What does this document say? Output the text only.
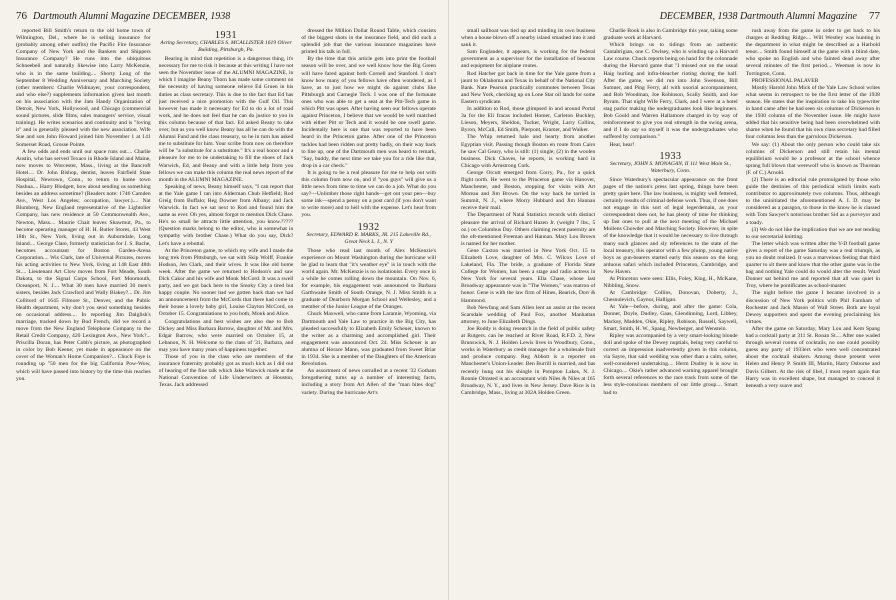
76 Dartmouth Alumni Magazine DECEMBER, 1938

reported Bill Smith's return to the old home town of Wilmington, Del., where he is selling insurance for (probably among other outfits) the Pacific Fire Insurance Company of New York and the Bankers and Shippers Insurance Company? He runs into the ubiquitous Schneebeli and naturally likewise into Larry McKenzie, who is in the same building.... Shorty Long of the September 8 Wedding Anniversary and Marching Society (other members: Charlie Widmayer, your correspondent, and who else?) supplements information given last month on his association with the Jam Handy Organization of Detroit, New York, Hollywood, and Chicago (commercial sound pictures, slide films, sales managers' service, visual training). He writes scenarios and continuity and is "loving it" and is generally pleased with the new association. Wife Sue and son John Howard joined him November 1 at 141 Somerset Road, Grosse Pointe.

A few odds and ends until our space runs out.... Charlie Austin, who has served Texaco in Rhode Island and Maine, now moves to Worcester, Mass., living at the Bancroft Hotel.... Dr. John Bishop, dentist, leaves Fairfield State Hospital, Newtown, Conn., to return to home town Nashua.... Harry Blodgett, how about sending us something besides an address sometime? (Readers note: 1746 Camden Ave., West Los Angeles; occupation, lawyer.).... Nat Blumberg, New England representative of the Lightolier Company, has new residence at 50 Commonwealth Ave., Newton, Mass.... Maurie Chait leaves Shawmut, Pa., to become operating manager of H. H. Butler Stores, 43 West 18th St., New York, living out in Auburndale, Long Island.... George Clare, formerly statistician for J. S. Bache, becomes accountant for Boston Garden-Arena Corporation.... Wis Clark, late of Universal Pictures, moves his acting activities to New York, living at 148 East 48th St.... Lieutenant Art Clow moves from Fort Meade, South Dakota, to the Signal Corps School, Fort Monmouth, Oceanport, N. J.... What 30 men have married 30 men's sisters, besides Jack Crawford and Wally Blakey?... Dr. Jim Collitord of 1645 Filmore St., Denver, and the Public Health department, why don't you send something besides on occasional address.... In reporting Jim Dalglish's marriage, tracked down by Bud French, did we record a move from the New England Telephone Company to the Retail Credit Company, 420 Lexington Ave., New York?... Priscilla Doran, has Peter Cobb's picture, as photographed in color by Bob Keene; yet made in appearance on the cover of the Woman's Home Companion?... Chuck Faye is rounding up "50 men for the big California Pow-Wow, which will have passed into history by the time this reaches you.

1931
Acting Secretary, CHARLES S. MCALLISTER 1619 Oliver Building, Pittsburgh, Pa.

Bearing in mind that repetition is a dangerous thing, it's necessary for me to risk it because at this writing I have not seen the November issue of the ALUMNI MAGAZINE, in which I imagine Beany Thorn has made some comment on the necessity of having someone relieve Ed Gruen in his duties as class secretary. This is due to the fact that Ed has just received a nice promotion with the Gulf Oil. This however has made it necessary for Ed to do a lot of road work, and he does not feel that he can do justice to you in this column because of that fact. Ed asked Beany to take over, but as you well know Beany has all he can do with the Alumni Fund and the class treasury, so he in turn has asked me to substitute for him. Your scribe from now on therefore will be "a substitute for a substitute." It's a real honor and a pleasure for me to be undertaking to fill the shoes of Jack Warwick, Ed, and Beany and with a little help from you fellows we can make this column the real news report of the month in the ALUMNI MAGAZINE.

Speaking of news, Beany himself says, "I can report that at the Yale game I ran into Alderman Chub Hetfield; Rod Greig from Buffalo; Reg Downer from Albany; and Jack Warwick. In fact we sat next to Rod and found him the same as ever. Oh yes, almost forgot to mention Dick Chase. He's so small he attracts little attention, you know.????? (Question marks belong to the editor, who is somewhat in sympathy with brother Chase.) What do you say, Dick? Let's have a rebuttal.

At the Princeton game, to which my wife and I made the long trek from Pittsburgh, we sat with Skip Wolff, Frankie Hodson, Jen Clark, and their wives. It was like old home week. After the game we returned to Hodson's and saw Dick Cakor and his wife and Monk McCord. It was a swell party, and we got back here to the Smoky City a tired but happy couple. No sooner had we gotten back than we had an announcement from the McCords that there had come to their house a lovely baby girl, Louise Clayton McCord, on October 15. Congratulations to you both, Monk and Alice.

Congratulations and best wishes are also due to Bob Dickey and Miss Barbara Barrow, daughter of Mr. and Mrs. Edgar Barrow, who were married on October 15, at Lebanon, N. H. Welcome to the class of '31, Barbara, and may you have many years of happiness together.

Those of you in the class who are members of the insurance fraternity probably got as much kick as I did out of hearing of the fine talk which Jake Warwick made at the National Convention of Life Underwriters at Houston, Texas. Jack addressed

dressed the Million Dollar Round Table, which consists of the biggest shots in the insurance field, and did such a splendid job that the various insurance magazines have printed his talk in full.

By the time that this article gets into print the football season will be over, and we well know how the Big Green will have fared against both Cornell and Stanford. I don't know how many of you fellows have often wondered, as I have, as to just how we might do against clubs like Pittsburgh and Carnegie Tech. I was one of the fortunate ones who was able to get a seat at the Pitt-Tech game in which Pitt was upset. After having seen our fellows operate against Princeton, I believe that we would be well matched with either Pitt or Tech and it would be one swell game. Incidentally here is one that was reported to have been heard in the Princeton game. After one of the Princeton tackles had been ridden out pretty badly, on their way back to line up, one of the Dartmouth men was heard to remark, "Say, buddy, the next time we take you for a ride like that, drop in a car check."

It is going to be a real pleasure for me to help out with this column from now on, and if "you guys" will give us a little news from time to time we can do a job. What do you say?—Unlimber those right hands—get out your pen—buy some ink—spend a penny on a post card (if you don't want to write more) and to hell with the expense. Let's hear from you.

1932
Secretary, EDWARD R. MARKS, JR. 215 Lakeville Rd., Great Neck L. I., N. Y

Those who read last month of Alex McKenzie's experience on Mount Washington during the hurricane will be glad to learn that "it's weather eye" is in touch with the world again. Mr. McKenzie is no isolationist. Every once in a while he comes rolling down the mountain. On Nov. 6, for example, his engagement was announced to Barbara Garthwaite Smith of South Orange, N. J. Miss Smith is a graduate of Dearborn Morgan School and Wellesley, and a member of the Junior League of the Oranges.

Chuck Maxwell, who came from Laramie, Wyoming, via Dartmouth and Yale Law to practice in the Big City, has pleaded successfully to Elizabeth Emily Scheuer, known to the writer as a charming and accomplished girl. Their engagement was announced Oct. 24. Miss Scheuer is an alumna of Horace Mann, was graduated from Sweet Briar in 1934. She is a member of the Daughters of the American Revolution.

An assortment of news corralled at a recent '32 Gotham foregathering turns up a number of interesting facts, including a story from Art Allen of the "man bites dog" variety. During the hurricane Art's

DECEMBER, 1938 Dartmouth Alumni Magazine 77

small sailboat was tied up and minding its own business when a house blown off a nearby island smashed into it and sank it.

Sam Englander, it appears, is working for the federal government as a supervisor for the installation of beacons and equipment for airplane routes.

Rod Hatcher got back in time for the Yale game from a jaunt to Oklahoma and Texas in behalf of the National City Bank. Nate Pearson practically commutes between Texas and New York, checking up on Lone Star oil lands for some Eastern syndicate.

In addition to Rod, those glimpsed in and around Portal 3a for the Eli fracas included Homer, Carleton Buckley, Lieson, Meyers, Sheldon, Tucker, Wright, Larry Collins, Byron, McCall, Ed Smith, Pierpont, Kramer, and Walker.

The Whip returned hale and hearty from another Egyptian visit. Passing though Boston en route from Cairo he saw Cal Geary, who is still: (1) single; (2) in the woolen business. Dick Chaves, he reports, is working hard in Chicago with Armstrong Cork.

George Orcutt emerged from Corry, Pa., for a quick flight north. He went to the Princeton game via Hanover, Manchester, and Boston, stopping for visits with Art Moreau and Jim Brown. On the way back he tarried in Summit, N. J., where Morry Hubbard and Jim Hannan receive their mail.

The Department of Natal Statistics records with distinct pleasure the arrival of Richard Hazen Jr. (weight 7 lbs., 5 oz.) on Columbus Day. Others claiming recent paternity are the oft-mentioned Freeman and Hannan. Mary Lou Brown is named for her mother.

Gene Caxton was married in New York Oct. 15 to Elizabeth Love, daughter of Mrs. C. Wilcox Love of Lakeland, Fla. The bride, a graduate of Florida State College for Women, has been a stage and radio actress in New York for several years. Ella Chase, whose last Broadway appearance was in "The Women," was matron of honor. Gene is with the law firm of Hines, Rearick, Dorr & Hammond.

Bob Newfang and Sam Allen lent an assist at the recent Scarsdale wedding of Paul Fox, another Manhattan attorney, to June Elizabeth Dings.

Joe Roddy is doing research in the field of public safety at Rutgers. can be reached at River Road, R.F.D. 2, New Brunswick, N. J. Holden Lewis lives in Woodbury, Conn., works in Waterbury as credit manager for a wholesale fruit and produce company. Reg Abbott is a reporter on Manchester's Union-Leader. Ben Burrill is married, and has recently hung out his shingle in Pompton Lakes, N. J. Ronnie Olmsted is an accountant with Niles & Niles at 165 Broadway, N. Y., and lives in New Jersey. Dave Rice is in Cambridge, Mass., living at 302A Holden Green.

Charlie Book is also in Cambridge this year, taking some graduate work at Harvard.

Which brings us to tidings from an authentic Cantabrigian, one C. Owlsey, who is winding up a Harvard Law course. Chuck reports being on hand for the colonnade during the Harvard game that "I missed out on the usual Haig hurling and infra-bleacher rioting during the half. After the game, we did run into John Swenson, Bill Sumner, and Ping Ferry, all with uxorial accompaniment, and Bob Woodman, Joe Robinson, Scally Smith, and Joe Byram. That night Wife Ferry, Clark, and I were at a hotel stag parlor making the undergraduates look like beginners. Bob Gould and Warren Hallamore charged in by way of reinforcement to give you real strength in the swing arena, and if I do say so myself it was the undergraduates who suffered by comparison."

Hear, hear!

1933
Secretary, JOHN S. MONAGAN, II 111 West Main St., Waterbury, Conn.

Since Waterbury's spectacular appearance on the front pages of the nation's press last spring, things have been pretty quiet here. The law business, is mighty well fettered, certainly results of criminal defense work. Thus, if one does not engage in this sort of legal legerdemain, as your correspondent does not, he has plenty of time for thinking up fast ones to pull at the next meeting of the Michael Mullens Chowder and Marching Society. However, in spite of the knowledge that it would be necessary to live through many such glances and sly references to the state of the local treasury, this operator with a few plump, young native boys as gun-bearers started early this season on the long arduous safari which included Princeton, Cambridge, and New Haven.

At Princeton were seen: Ellis, Foley, King, H., McKane, Nibbling, Snow.

At Cambridge: Collins, Donovan, Doberty, J., Chesnulevich, Gaynor, Halligan.

At Yale—before, during, and after the game: Cola, Donner, Doyle, Dudley, Gaas, Glendinning, Lord, Libbey, Mackey, Madden, Okie, Ripley, Robison, Russell, Saywell, Smart, Smith, H. W., Spang, Newberger, and Wenstein.

Ripley was accompanied by a very smart-looking blonde doll and spoke of the Dewey nuptials, being very careful to correct an impression inadvertently given in this column, via Sayre, that said wedding was other than a calm, sober, well-considered undertaking.... Herm Dudley is is now in Chicago.... Okie's rather advanced warning apparel brought forth several references to the race track from some of the less style-conscious members of our little group.... Smart had to

rush away from the game in order to get back to his charges at Redding Ridge.... Will Westley was hunting in the department in what might be described as a Harbold tenor.... Smith found himself at the game with a blind date, who spoke no English and who fainted dead away after several minutes of the first period.... Weeman is now in Torrington, Conn.

PROFESSIONAL PALAVER

Mostly Harold John Mick of the Yale Law School writes what seems in retrospect to be the first letter of the 1938 season. He states that the inspiration to take his typewriter in hand came after he had seen six columns of Dickerson in the 1930 column of the November issue. He might have added that his sensitive being had been overwhelmed with shame when he found that his own class secretary had filled four columns less than the garrulous Dickerson.

We say: (1) About the only person who could take six columns of Dickerson and still retain his mental equilibrium would be a professor at the school whence sprang full blown that werewolf who is known as Thurman (F. of C.) Arnold.

(2) There is an editorial rule promulgated by those who guide the destinies of this periodical which limits each contributor to approximately two columns. Thus, although to the uninitiated the aforementioned A. I. D. may be considered as a paragon, to those in the know he is classed with Tom Sawyer's notorious brother Sid as a purveyor and a toady.

(3) We do not like the implication that we are not tending to our secretarial knitting.

The letter which was written after the Y-D football game gives a report of the game Saturday was a real triumph, as you no doubt realized. It was a marvelous feeling that third quarter to sit there and know that the other game was in the bag and nothing Yale could do would alter the result. Ward Donner sat behind me and reported that all was quiet in Troy, where he pontificates as school-master.

The night before the game I became involved in a discussion of New York politics with Phil Farnham of Rochester and Jack Mason of Wall Street. Both are loyal Dewey supporters and spent the evening proclaiming his virtues.

After the game on Saturday, Mary Lou and Kem Spang had a cocktail party at 311 St. Ronan St.... After one waded through several rooms of cocktails, no one could possibly guess any party of 1933ers who were well concentrated about the cocktail shakers. Among those present were Helen and Henry P. Smith III, Martin, Harry Osborne and Davis Gilbert. At the risk of libel, I must report again that Harry was in excellent shape, but managed to conceal it beneath a very suave and
